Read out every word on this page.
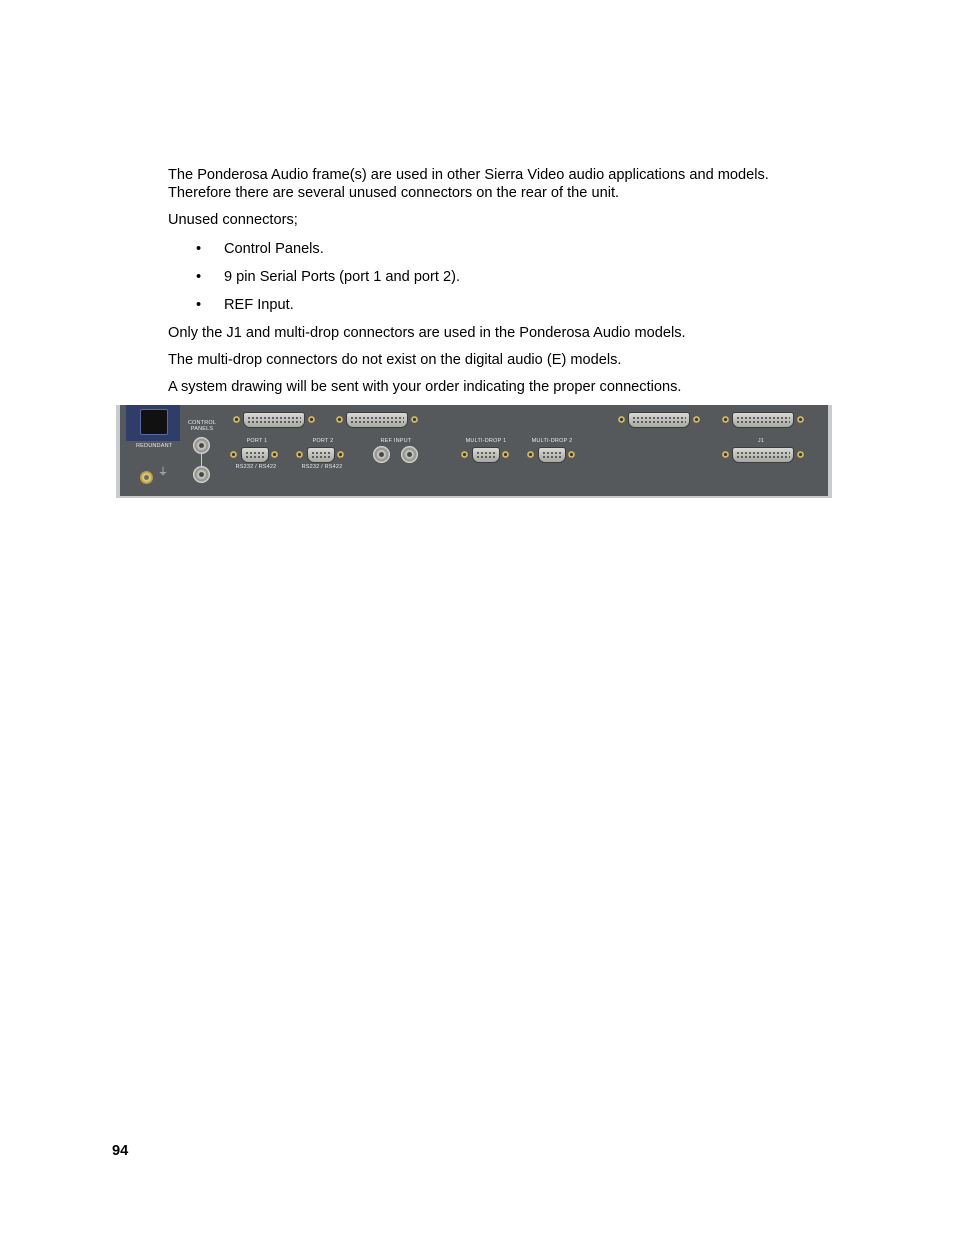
The Ponderosa Audio frame(s) are used in other Sierra Video audio applications and models.

Therefore there are several unused connectors on the rear of the unit.

Unused connectors;

• Control Panels.
• 9 pin Serial Ports (port 1 and port 2).
• REF Input.

Only the J1 and multi-drop connectors are used in the Ponderosa Audio models.

The multi-drop connectors do not exist on the digital audio (E) models.

A system drawing will be sent with your order indicating the proper connections.

REDUNDANT
⏚
CONTROL PANELS
PORT 1
RS232 / RS422
PORT 2
RS232 / RS422
REF INPUT	MULTI-DROP 1	MULTI-DROP 2	J1
94
